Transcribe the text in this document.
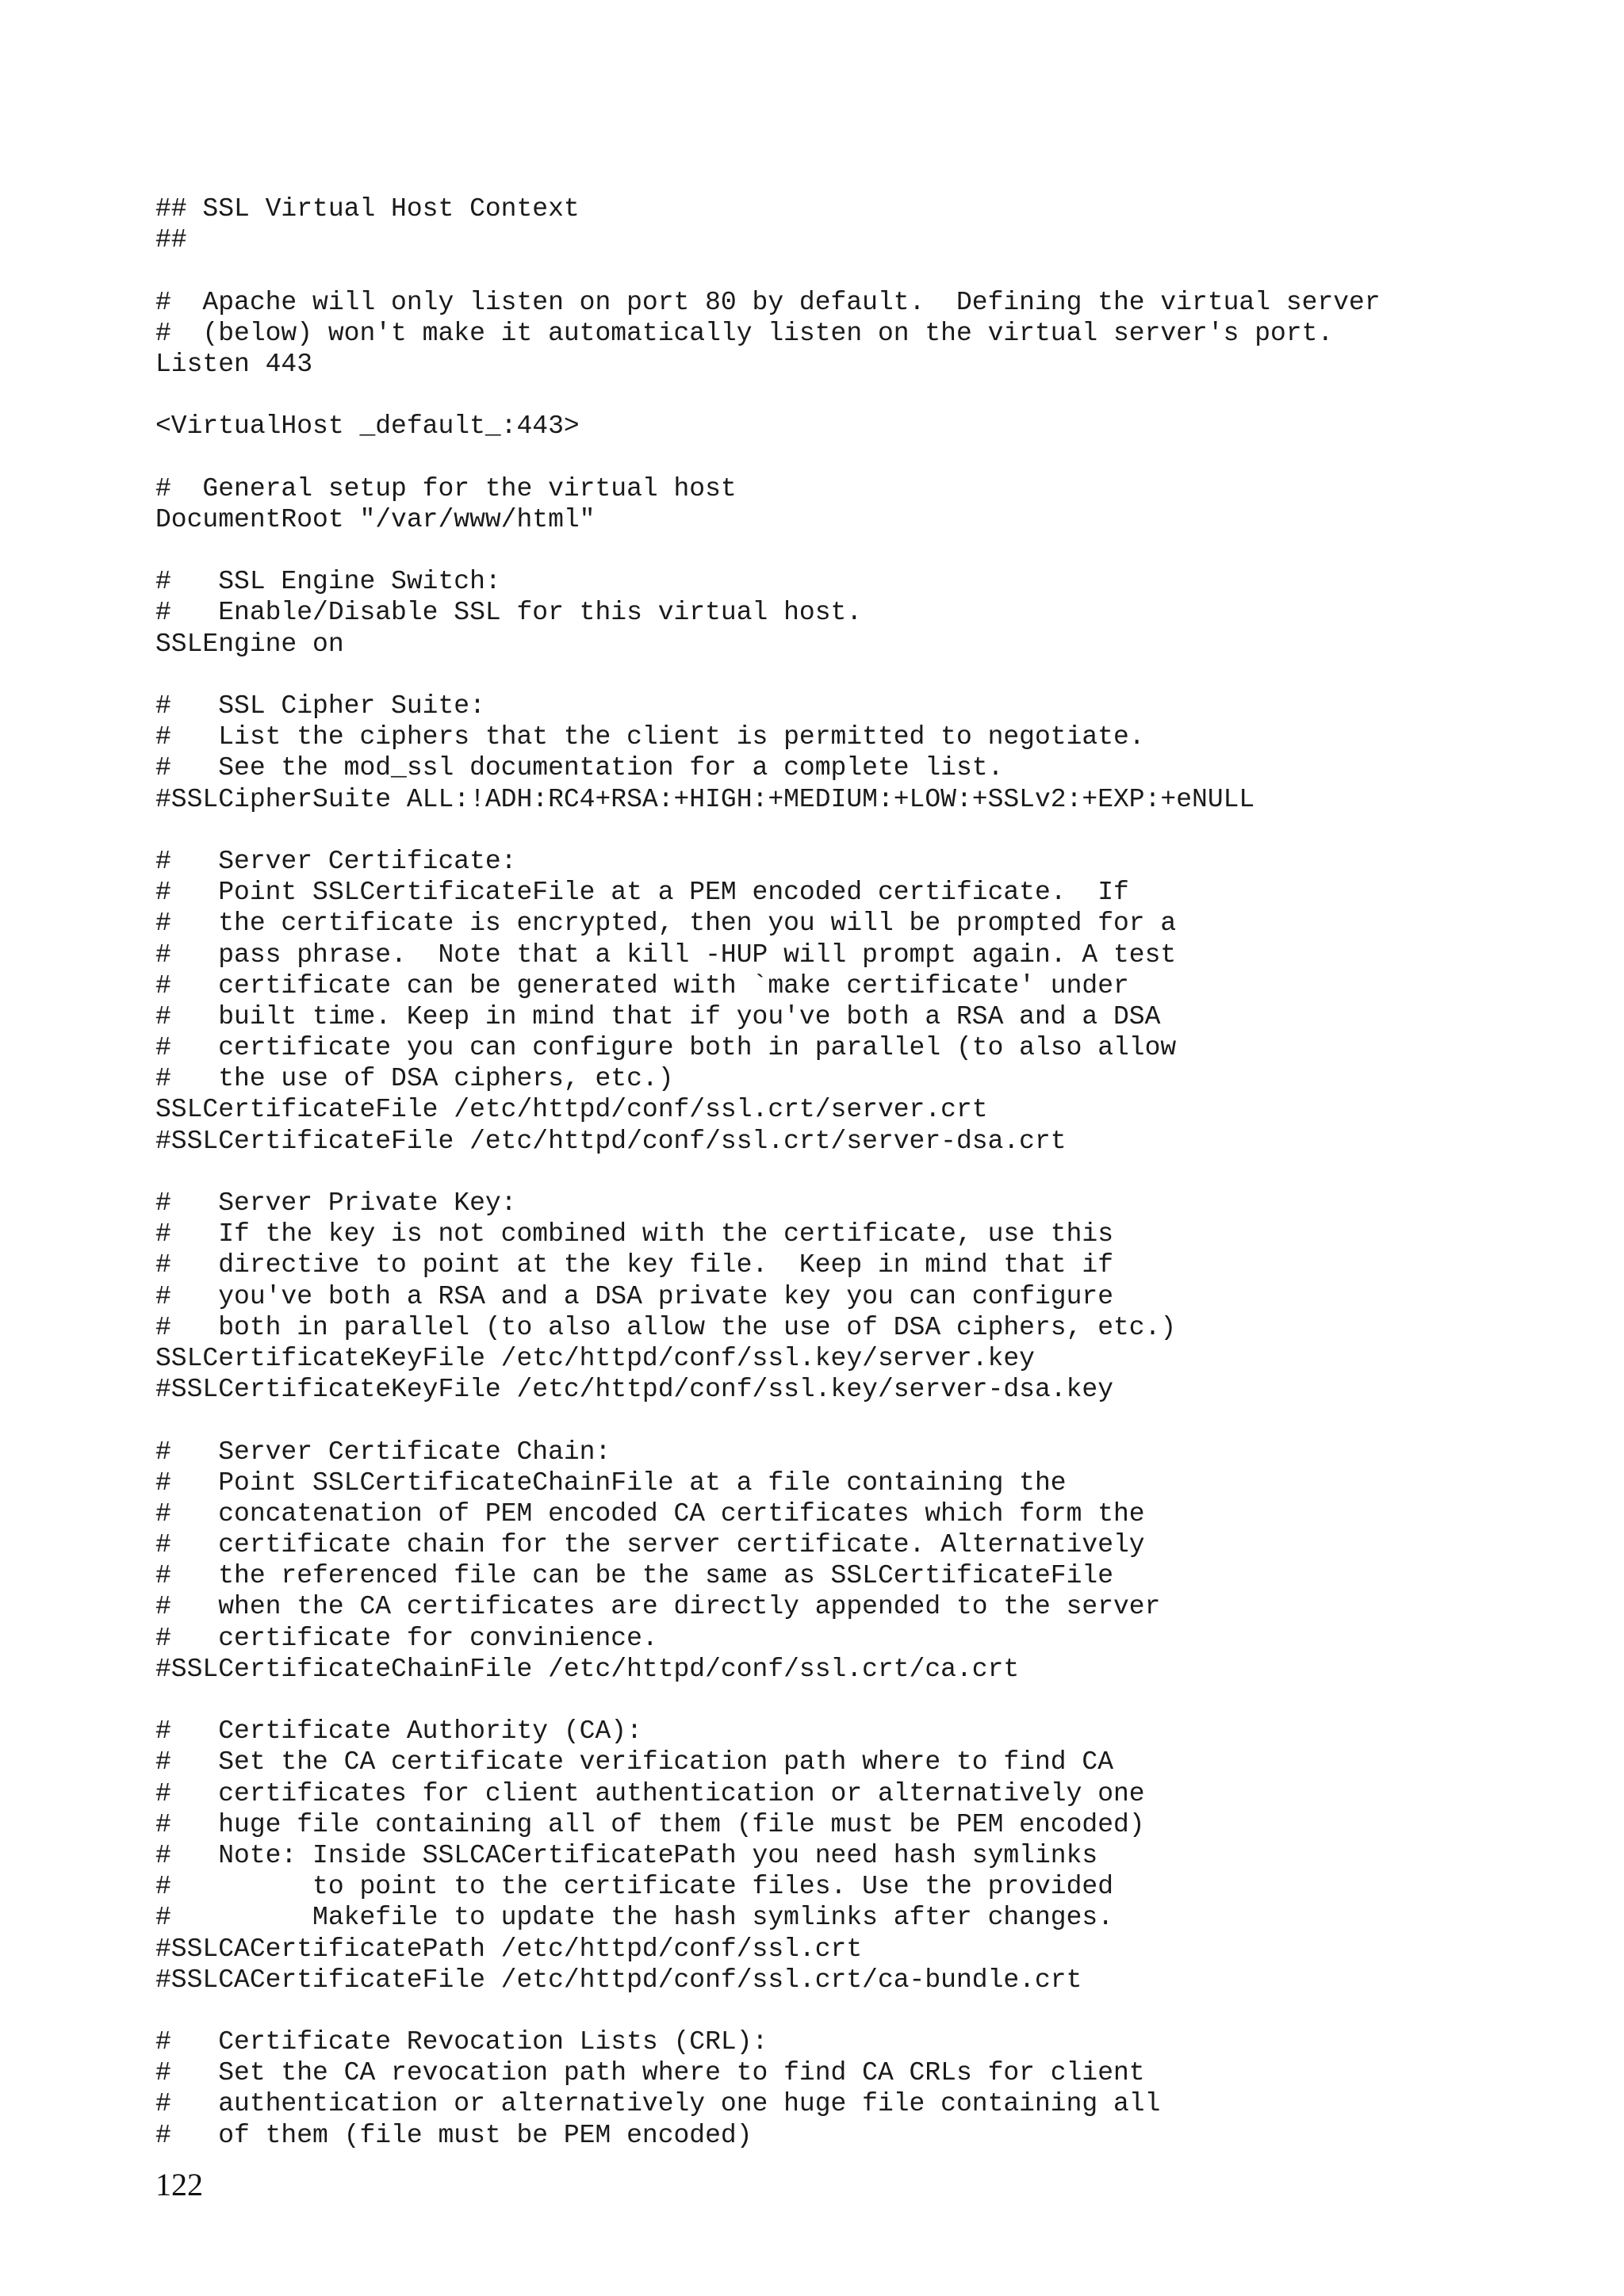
## SSL Virtual Host Context
##
#  Apache will only listen on port 80 by default.  Defining the virtual server
#  (below) won't make it automatically listen on the virtual server's port.
Listen 443
<VirtualHost _default_:443>
#  General setup for the virtual host
DocumentRoot "/var/www/html"
#   SSL Engine Switch:
#   Enable/Disable SSL for this virtual host.
SSLEngine on
#   SSL Cipher Suite:
#   List the ciphers that the client is permitted to negotiate.
#   See the mod_ssl documentation for a complete list.
#SSLCipherSuite ALL:!ADH:RC4+RSA:+HIGH:+MEDIUM:+LOW:+SSLv2:+EXP:+eNULL
#   Server Certificate:
#   Point SSLCertificateFile at a PEM encoded certificate.  If
#   the certificate is encrypted, then you will be prompted for a
#   pass phrase.  Note that a kill -HUP will prompt again. A test
#   certificate can be generated with `make certificate' under
#   built time. Keep in mind that if you've both a RSA and a DSA
#   certificate you can configure both in parallel (to also allow
#   the use of DSA ciphers, etc.)
SSLCertificateFile /etc/httpd/conf/ssl.crt/server.crt
#SSLCertificateFile /etc/httpd/conf/ssl.crt/server-dsa.crt
#   Server Private Key:
#   If the key is not combined with the certificate, use this
#   directive to point at the key file.  Keep in mind that if
#   you've both a RSA and a DSA private key you can configure
#   both in parallel (to also allow the use of DSA ciphers, etc.)
SSLCertificateKeyFile /etc/httpd/conf/ssl.key/server.key
#SSLCertificateKeyFile /etc/httpd/conf/ssl.key/server-dsa.key
#   Server Certificate Chain:
#   Point SSLCertificateChainFile at a file containing the
#   concatenation of PEM encoded CA certificates which form the
#   certificate chain for the server certificate. Alternatively
#   the referenced file can be the same as SSLCertificateFile
#   when the CA certificates are directly appended to the server
#   certificate for convinience.
#SSLCertificateChainFile /etc/httpd/conf/ssl.crt/ca.crt
#   Certificate Authority (CA):
#   Set the CA certificate verification path where to find CA
#   certificates for client authentication or alternatively one
#   huge file containing all of them (file must be PEM encoded)
#   Note: Inside SSLCACertificatePath you need hash symlinks
#         to point to the certificate files. Use the provided
#         Makefile to update the hash symlinks after changes.
#SSLCACertificatePath /etc/httpd/conf/ssl.crt
#SSLCACertificateFile /etc/httpd/conf/ssl.crt/ca-bundle.crt
#   Certificate Revocation Lists (CRL):
#   Set the CA revocation path where to find CA CRLs for client
#   authentication or alternatively one huge file containing all
#   of them (file must be PEM encoded)
122
